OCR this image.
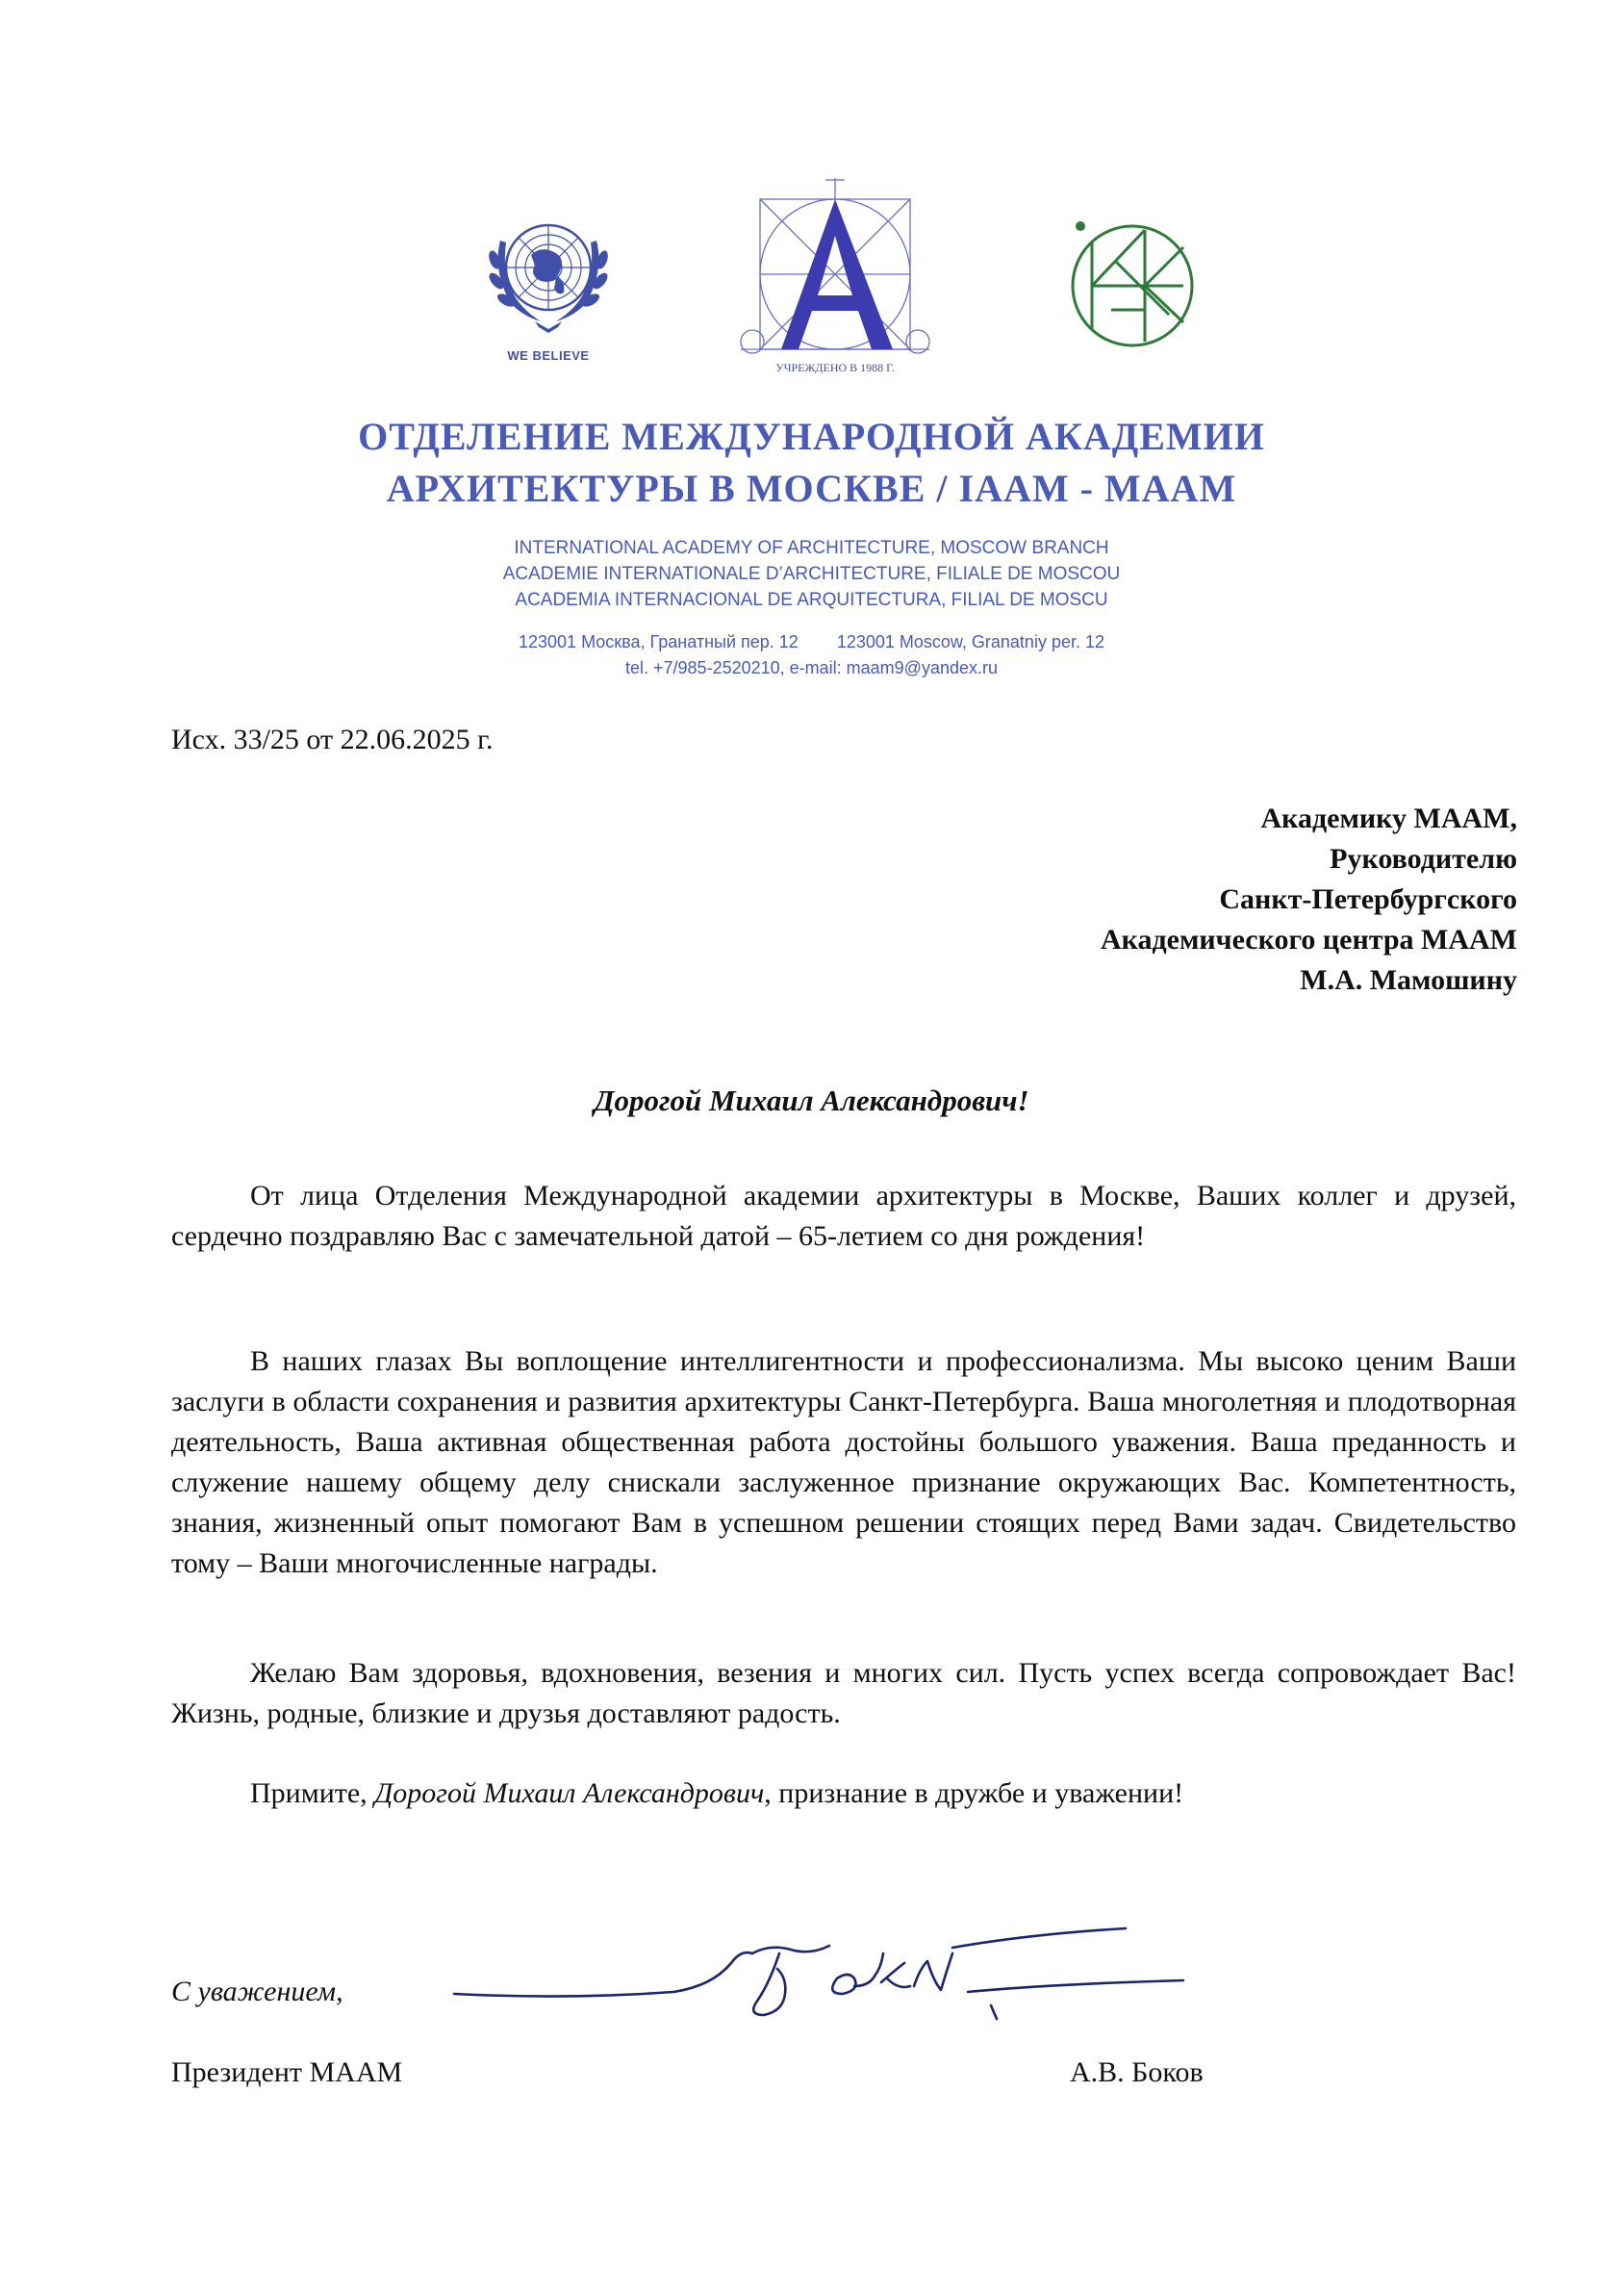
WE BELIEVE
УЧРЕЖДЕНО В 1988 Г.
ОТДЕЛЕНИЕ МЕЖДУНАРОДНОЙ АКАДЕМИИ
АРХИТЕКТУРЫ В МОСКВЕ / IAAM - MAAM
INTERNATIONAL ACADEMY OF ARCHITECTURE, MOSCOW BRANCH
ACADEMIE INTERNATIONALE D’ARCHITECTURE, FILIALE DE MOSCOU
ACADEMIA INTERNACIONAL DE ARQUITECTURA, FILIAL DE MOSCU
123001 Москва, Гранатный пер. 12 123001 Moscow, Granatniy per. 12
tel. +7/985-2520210, e-mail: maam9@yandex.ru
Исх. 33/25 от 22.06.2025 г.
Академику МААМ,
Руководителю
Санкт-Петербургского
Академического центра МААМ
М.А. Мамошину
Дорогой Михаил Александрович!

От лица Отделения Международной академии архитектуры в Москве, Ваших коллег и друзей, сердечно поздравляю Вас с замечательной датой – 65-летием со дня рождения!

В наших глазах Вы воплощение интеллигентности и профессионализма. Мы высоко ценим Ваши заслуги в области сохранения и развития архитектуры Санкт-Петербурга. Ваша многолетняя и плодотворная деятельность, Ваша активная общественная работа достойны большого уважения. Ваша преданность и служение нашему общему делу снискали заслуженное признание окружающих Вас. Компетентность, знания, жизненный опыт помогают Вам в успешном решении стоящих перед Вами задач. Свидетельство тому – Ваши многочисленные награды.

Желаю Вам здоровья, вдохновения, везения и многих сил. Пусть успех всегда сопровождает Вас! Жизнь, родные, близкие и друзья доставляют радость.

Примите, Дорогой Михаил Александрович, признание в дружбе и уважении!

С уважением,
Президент МААМ	А.В. Боков
